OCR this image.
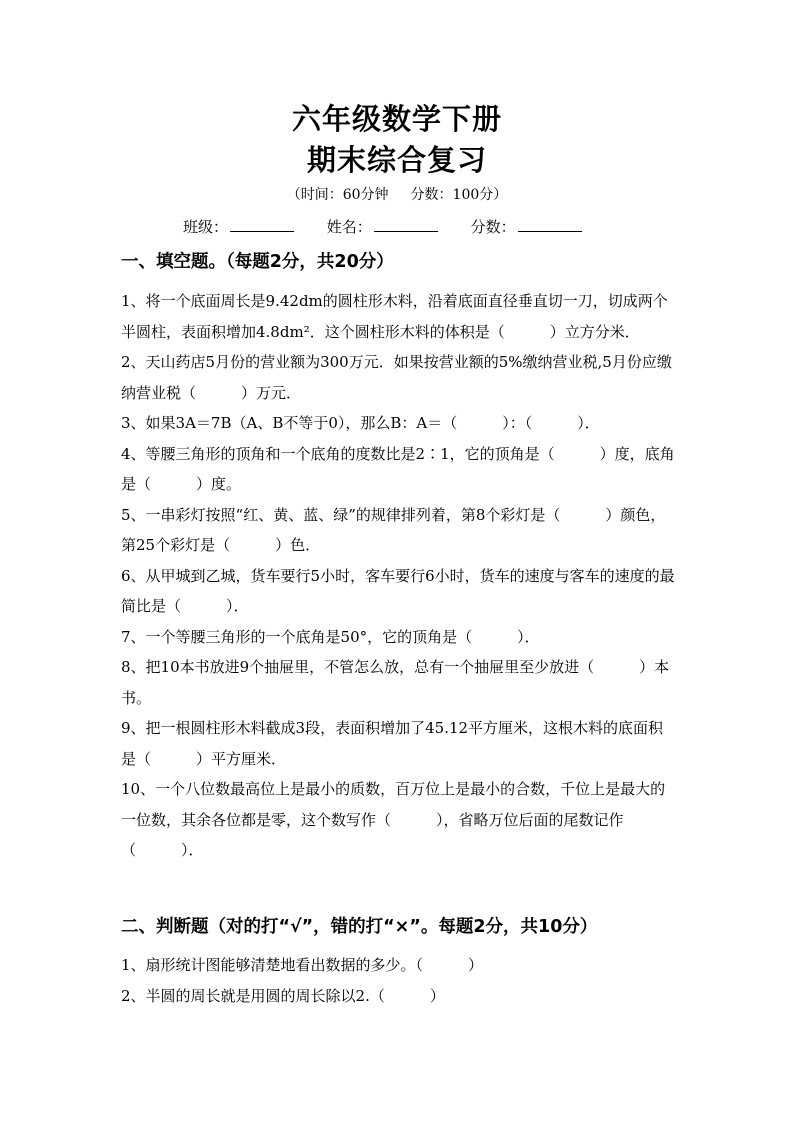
六年级数学下册
期末综合复习
（时间：60分钟 分数：100分）
班级：	姓名：	分数：
一、填空题。（每题2分，共20分）

1、将一个底面周长是9.42dm的圆柱形木料，沿着底面直径垂直切一刀，切成两个半圆柱，表面积增加4.8dm²．这个圆柱形木料的体积是（　　　）立方分米．

2、天山药店5月份的营业额为300万元．如果按营业额的5%缴纳营业税,5月份应缴纳营业税（　　　）万元．

3、如果3A＝7B（A、B不等于0），那么B：A＝（　　　）：（　　　）．

4、等腰三角形的顶角和一个底角的度数比是2∶1，它的顶角是（　　　）度，底角是（　　　）度。

5、一串彩灯按照“红、黄、蓝、绿”的规律排列着，第8个彩灯是（　　　）颜色，第25个彩灯是（　　　）色．

6、从甲城到乙城，货车要行5小时，客车要行6小时，货车的速度与客车的速度的最简比是（　　　）．

7、一个等腰三角形的一个底角是50°，它的顶角是（　　　）．

8、把10本书放进9个抽屉里，不管怎么放，总有一个抽屉里至少放进（　　　）本书。

9、把一根圆柱形木料截成3段，表面积增加了45.12平方厘米，这根木料的底面积是（　　　）平方厘米．

10、一个八位数最高位上是最小的质数，百万位上是最小的合数，千位上是最大的一位数，其余各位都是零，这个数写作（　　　），省略万位后面的尾数记作（　　　）．

二、判断题（对的打“√”，错的打“×”。每题2分，共10分）

1、扇形统计图能够清楚地看出数据的多少。（　　　）

2、半圆的周长就是用圆的周长除以2.（　　　）
